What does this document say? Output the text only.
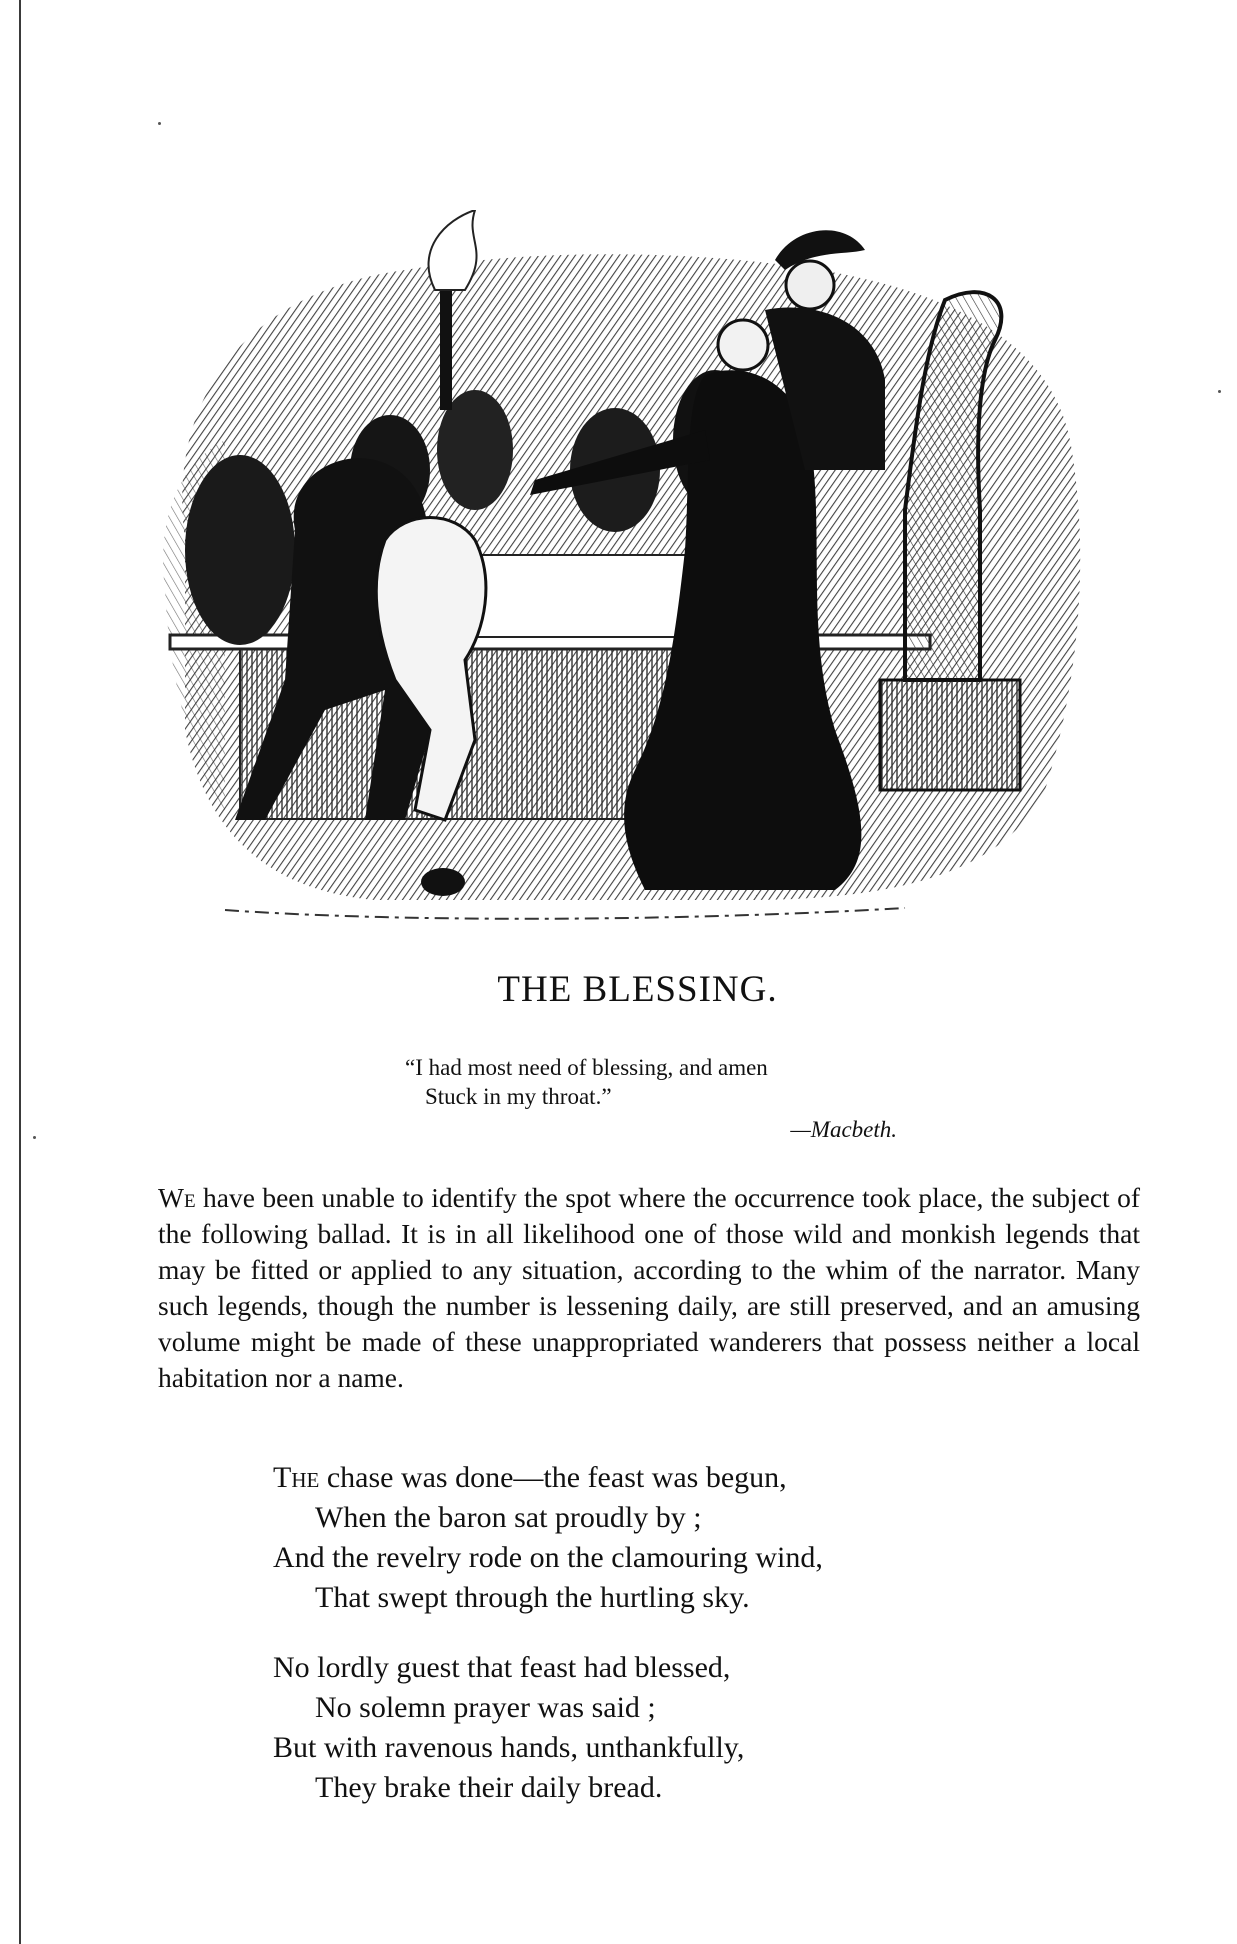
THE BLESSING.
“I had most need of blessing, and amen
Stuck in my throat.”
—Macbeth.
We have been unable to identify the spot where the occurrence took place, the subject of the following ballad. It is in all likelihood one of those wild and monkish legends that may be fitted or applied to any situation, according to the whim of the narrator. Many such legends, though the number is lessening daily, are still preserved, and an amusing volume might be made of these unappropriated wanderers that possess neither a local habitation nor a name.
The chase was done—the feast was begun,
When the baron sat proudly by ;
And the revelry rode on the clamouring wind,
That swept through the hurtling sky.
No lordly guest that feast had blessed,
No solemn prayer was said ;
But with ravenous hands, unthankfully,
They brake their daily bread.
